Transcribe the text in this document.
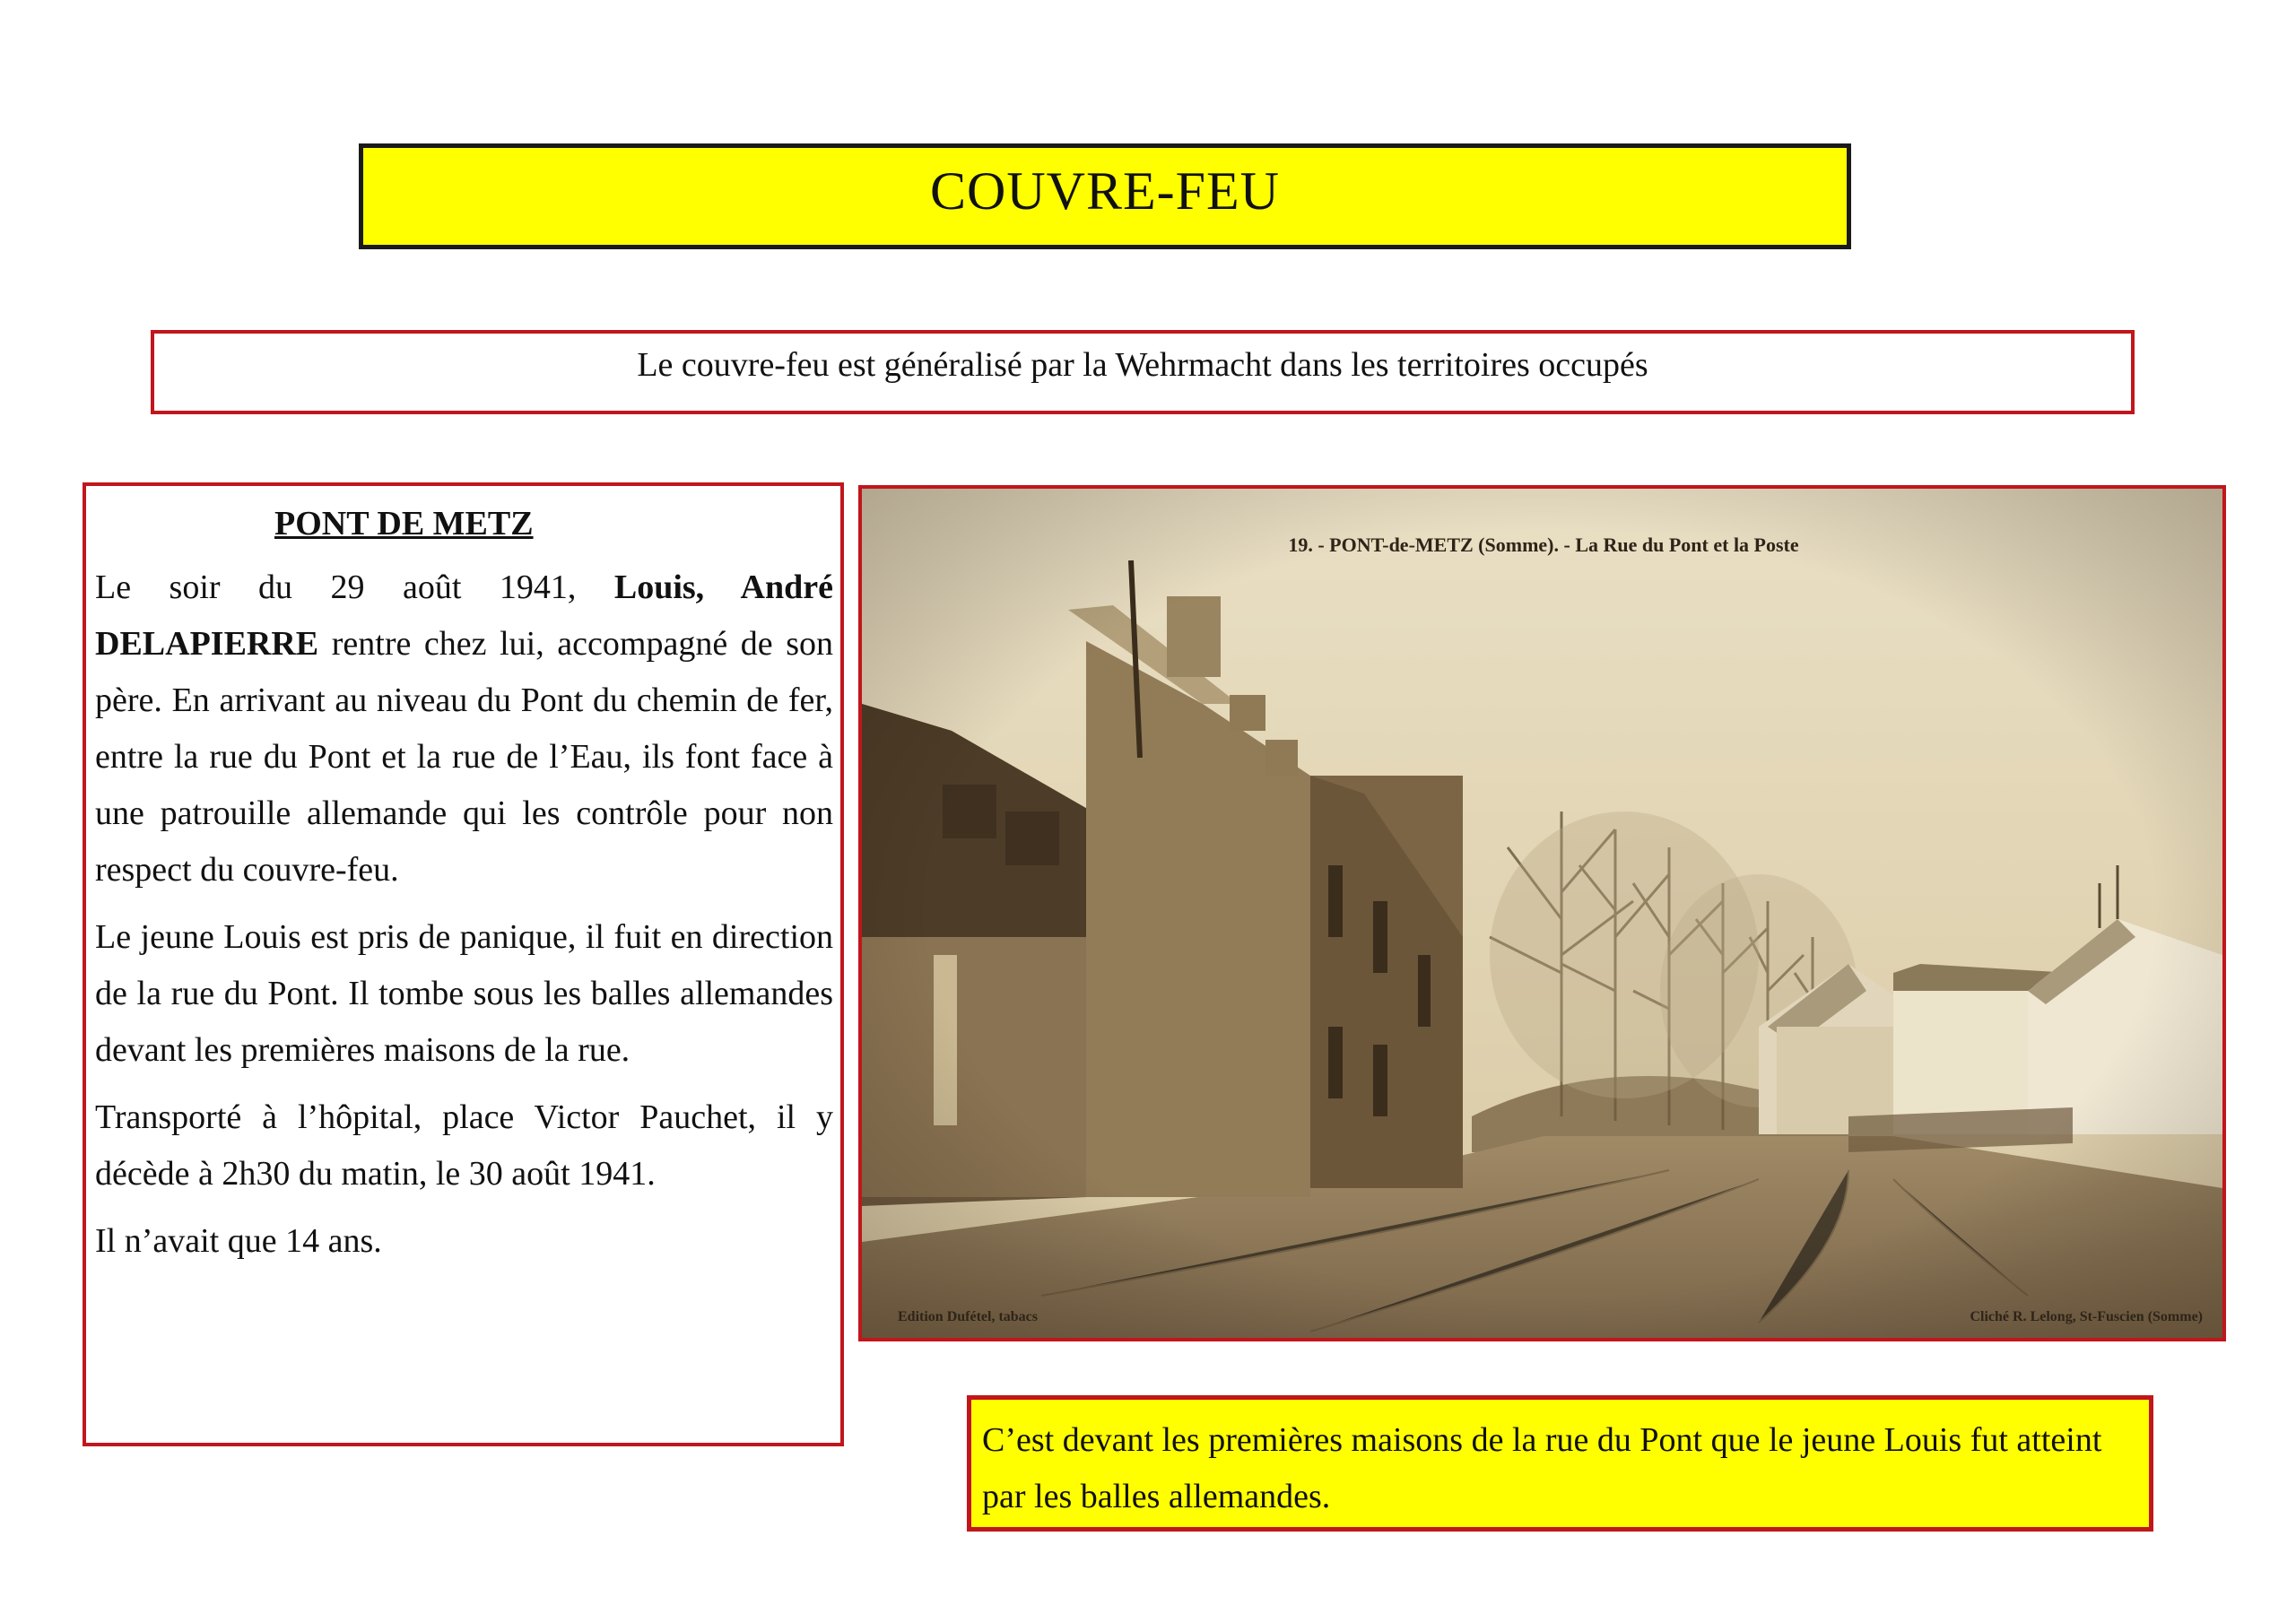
COUVRE-FEU
Le couvre-feu est généralisé par la Wehrmacht dans les territoires occupés
PONT DE METZ

Le soir du 29 août 1941, Louis, André DELAPIERRE rentre chez lui, accompagné de son père. En arrivant au niveau du Pont du chemin de fer, entre la rue du Pont et la rue de l’Eau, ils font face à une patrouille allemande qui les contrôle pour non respect du couvre-feu.

Le jeune Louis est pris de panique, il fuit en direction de la rue du Pont. Il tombe sous les balles allemandes devant les premières maisons de la rue.

Transporté à l’hôpital, place Victor Pauchet, il y décède à 2h30 du matin, le 30 août 1941.

Il n’avait que 14 ans.

19. - PONT-de-METZ (Somme). - La Rue du Pont et la Poste
Edition Dufétel, tabacs	Cliché R. Lelong, St-Fuscien (Somme)

C’est devant les premières maisons de la rue du Pont que le jeune Louis fut atteint par les balles allemandes.
